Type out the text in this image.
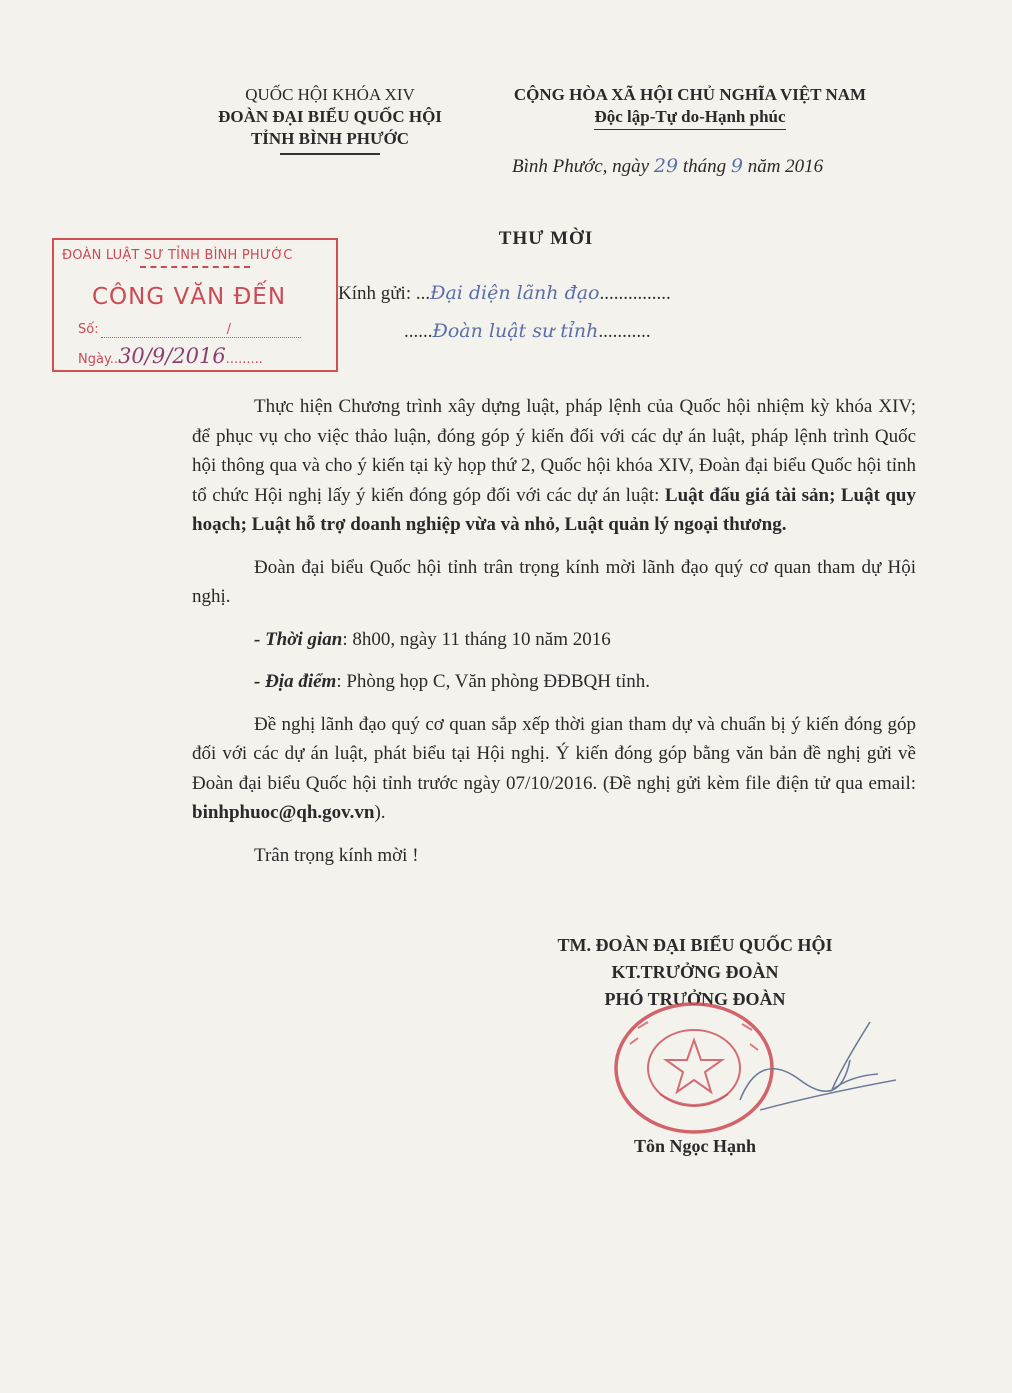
QUỐC HỘI KHÓA XIV
ĐOÀN ĐẠI BIỂU QUỐC HỘI
TỈNH BÌNH PHƯỚC
CỘNG HÒA XÃ HỘI CHỦ NGHĨA VIỆT NAM
Độc lập-Tự do-Hạnh phúc
Bình Phước, ngày 29 tháng 9 năm 2016
THƯ MỜI
ĐOÀN LUẬT SƯ TỈNH BÌNH PHƯỚC
CÔNG VĂN ĐẾN
Số:	/
Ngày..30/9/2016.........
Kính gửi: ...Đại diện lãnh đạo...............
......Đoàn luật sư tỉnh...........

Thực hiện Chương trình xây dựng luật, pháp lệnh của Quốc hội nhiệm kỳ khóa XIV; để phục vụ cho việc thảo luận, đóng góp ý kiến đối với các dự án luật, pháp lệnh trình Quốc hội thông qua và cho ý kiến tại kỳ họp thứ 2, Quốc hội khóa XIV, Đoàn đại biểu Quốc hội tỉnh tổ chức Hội nghị lấy ý kiến đóng góp đối với các dự án luật: Luật đấu giá tài sản; Luật quy hoạch; Luật hỗ trợ doanh nghiệp vừa và nhỏ, Luật quản lý ngoại thương.

Đoàn đại biểu Quốc hội tỉnh trân trọng kính mời lãnh đạo quý cơ quan tham dự Hội nghị.

- Thời gian: 8h00, ngày 11 tháng 10 năm 2016

- Địa điểm: Phòng họp C, Văn phòng ĐĐBQH tỉnh.

Đề nghị lãnh đạo quý cơ quan sắp xếp thời gian tham dự và chuẩn bị ý kiến đóng góp đối với các dự án luật, phát biểu tại Hội nghị. Ý kiến đóng góp bằng văn bản đề nghị gửi về Đoàn đại biểu Quốc hội tỉnh trước ngày 07/10/2016. (Đề nghị gửi kèm file điện tử qua email: binhphuoc@qh.gov.vn).

Trân trọng kính mời !

TM. ĐOÀN ĐẠI BIỂU QUỐC HỘI
KT.TRƯỞNG ĐOÀN
PHÓ TRƯỞNG ĐOÀN
Tôn Ngọc Hạnh
